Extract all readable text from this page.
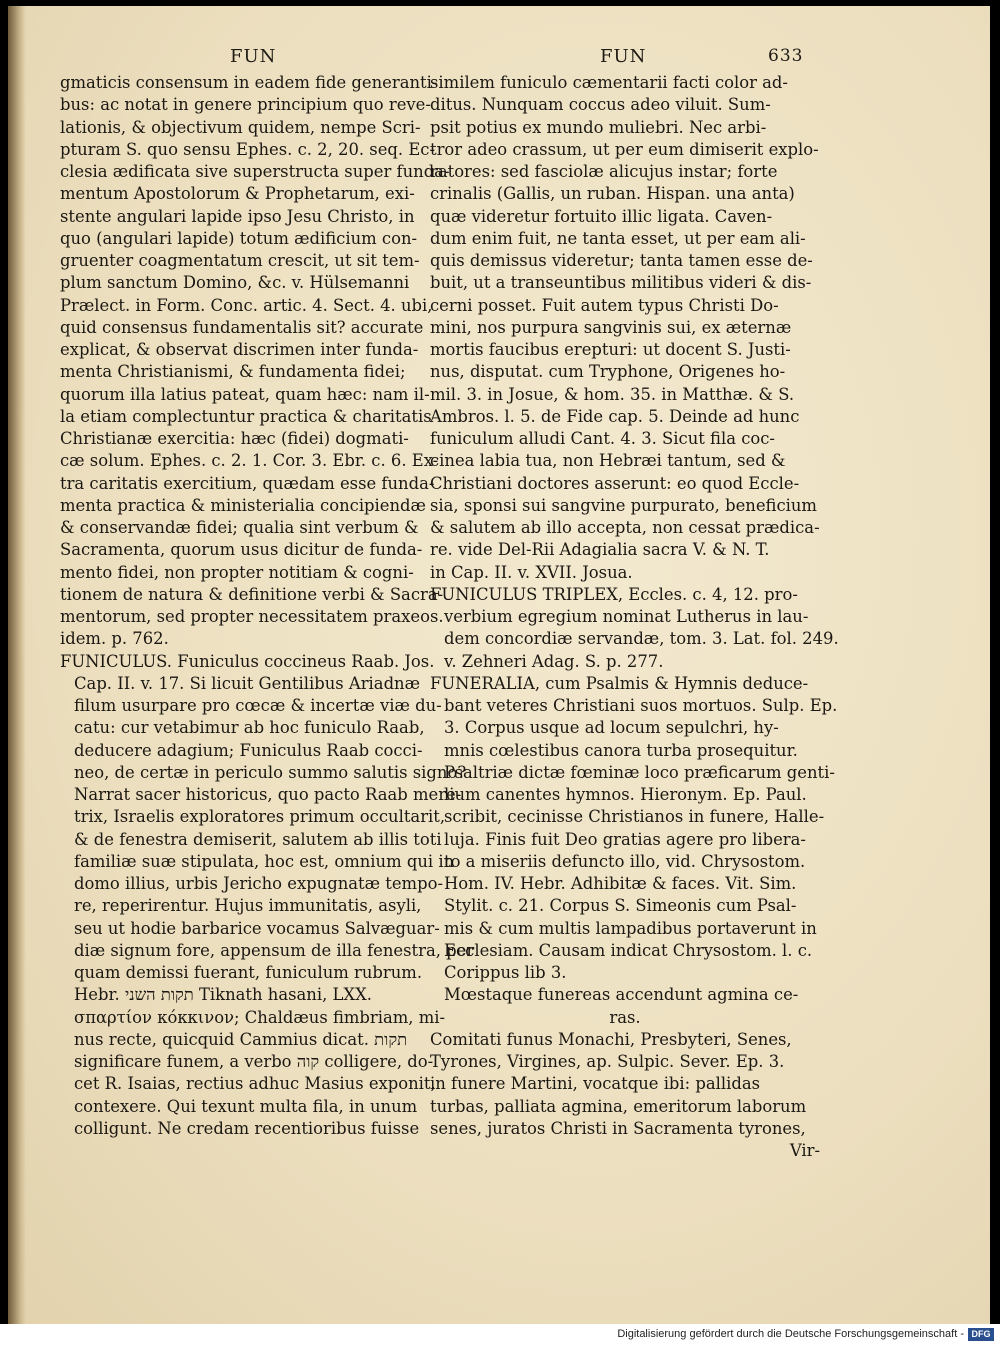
FUN	FUN	633
gmaticis consensum in eadem fide generanti-
bus: ac notat in genere principium quo reve-
lationis, & objectivum quidem, nempe Scri-
pturam S. quo sensu Ephes. c. 2, 20. seq. Ec-
clesia ædificata sive superstructa super funda-
mentum Apostolorum & Prophetarum, exi-
stente angulari lapide ipso Jesu Christo, in
quo (angulari lapide) totum ædificium con-
gruenter coagmentatum crescit, ut sit tem-
plum sanctum Domino, &c. v. Hülsemanni
Prælect. in Form. Conc. artic. 4. Sect. 4. ubi,
quid consensus fundamentalis sit? accurate
explicat, & observat discrimen inter funda-
menta Christianismi, & fundamenta fidei;
quorum illa latius pateat, quam hæc: nam il-
la etiam complectuntur practica & charitatis
Christianæ exercitia: hæc (fidei) dogmati-
cæ solum. Ephes. c. 2. 1. Cor. 3. Ebr. c. 6. Ex-
tra caritatis exercitium, quædam esse funda-
menta practica & ministerialia concipiendæ
& conservandæ fidei; qualia sint verbum &
Sacramenta, quorum usus dicitur de funda-
mento fidei, non propter notitiam & cogni-
tionem de natura & definitione verbi & Sacra-
mentorum, sed propter necessitatem praxeos.
idem. p. 762.
FUNICULUS. Funiculus coccineus Raab. Jos.
Cap. II. v. 17. Si licuit Gentilibus Ariadnæ
filum usurpare pro cœcæ & incertæ viæ du-
catu: cur vetabimur ab hoc funiculo Raab,
deducere adagium; Funiculus Raab cocci-
neo, de certæ in periculo summo salutis signo?
Narrat sacer historicus, quo pacto Raab mere-
trix, Israelis exploratores primum occultarit,
& de fenestra demiserit, salutem ab illis toti
familiæ suæ stipulata, hoc est, omnium qui in
domo illius, urbis Jericho expugnatæ tempo-
re, reperirentur. Hujus immunitatis, asyli,
seu ut hodie barbarice vocamus Salvæguar-
diæ signum fore, appensum de illa fenestra, per
quam demissi fuerant, funiculum rubrum.
Hebr. תקות השני Tiknath hasani, LXX.
σπαρτίον κόκκινον; Chaldæus fimbriam, mi-
nus recte, quicquid Cammius dicat. תקות
significare funem, a verbo קוה colligere, do-
cet R. Isaias, rectius adhuc Masius exponit,
contexere. Qui texunt multa fila, in unum
colligunt. Ne credam recentioribus fuisse
similem funiculo cæmentarii facti color ad-
ditus. Nunquam coccus adeo viluit. Sum-
psit potius ex mundo muliebri. Nec arbi-
tror adeo crassum, ut per eum dimiserit explo-
ratores: sed fasciolæ alicujus instar; forte
crinalis (Gallis, un ruban. Hispan. una anta)
quæ videretur fortuito illic ligata. Caven-
dum enim fuit, ne tanta esset, ut per eam ali-
quis demissus videretur; tanta tamen esse de-
buit, ut a transeuntibus militibus videri & dis-
cerni posset. Fuit autem typus Christi Do-
mini, nos purpura sangvinis sui, ex æternæ
mortis faucibus erepturi: ut docent S. Justi-
nus, disputat. cum Tryphone, Origenes ho-
mil. 3. in Josue, & hom. 35. in Matthæ. & S.
Ambros. l. 5. de Fide cap. 5. Deinde ad hunc
funiculum alludi Cant. 4. 3. Sicut fila coc-
cinea labia tua, non Hebræi tantum, sed &
Christiani doctores asserunt: eo quod Eccle-
sia, sponsi sui sangvine purpurato, beneficium
& salutem ab illo accepta, non cessat prædica-
re. vide Del-Rii Adagialia sacra V. & N. T.
in Cap. II. v. XVII. Josua.
FUNICULUS TRIPLEX, Eccles. c. 4, 12. pro-
verbium egregium nominat Lutherus in lau-
dem concordiæ servandæ, tom. 3. Lat. fol. 249.
v. Zehneri Adag. S. p. 277.
FUNERALIA, cum Psalmis & Hymnis deduce-
bant veteres Christiani suos mortuos. Sulp. Ep.
3. Corpus usque ad locum sepulchri, hy-
mnis cœlestibus canora turba prosequitur.
Psaltriæ dictæ fœminæ loco præficarum genti-
lium canentes hymnos. Hieronym. Ep. Paul.
scribit, cecinisse Christianos in funere, Halle-
luja. Finis fuit Deo gratias agere pro libera-
to a miseriis defuncto illo, vid. Chrysostom.
Hom. IV. Hebr. Adhibitæ & faces. Vit. Sim.
Stylit. c. 21. Corpus S. Simeonis cum Psal-
mis & cum multis lampadibus portaverunt in
Ecclesiam. Causam indicat Chrysostom. l. c.
Corippus lib 3.
Mœstaque funereas accendunt agmina ce-
ras.
Comitati funus Monachi, Presbyteri, Senes,
Tyrones, Virgines, ap. Sulpic. Sever. Ep. 3.
in funere Martini, vocatque ibi: pallidas
turbas, palliata agmina, emeritorum laborum
senes, juratos Christi in Sacramenta tyrones,
Vir-
Digitalisierung gefördert durch die Deutsche Forschungsgemeinschaft - DFG
